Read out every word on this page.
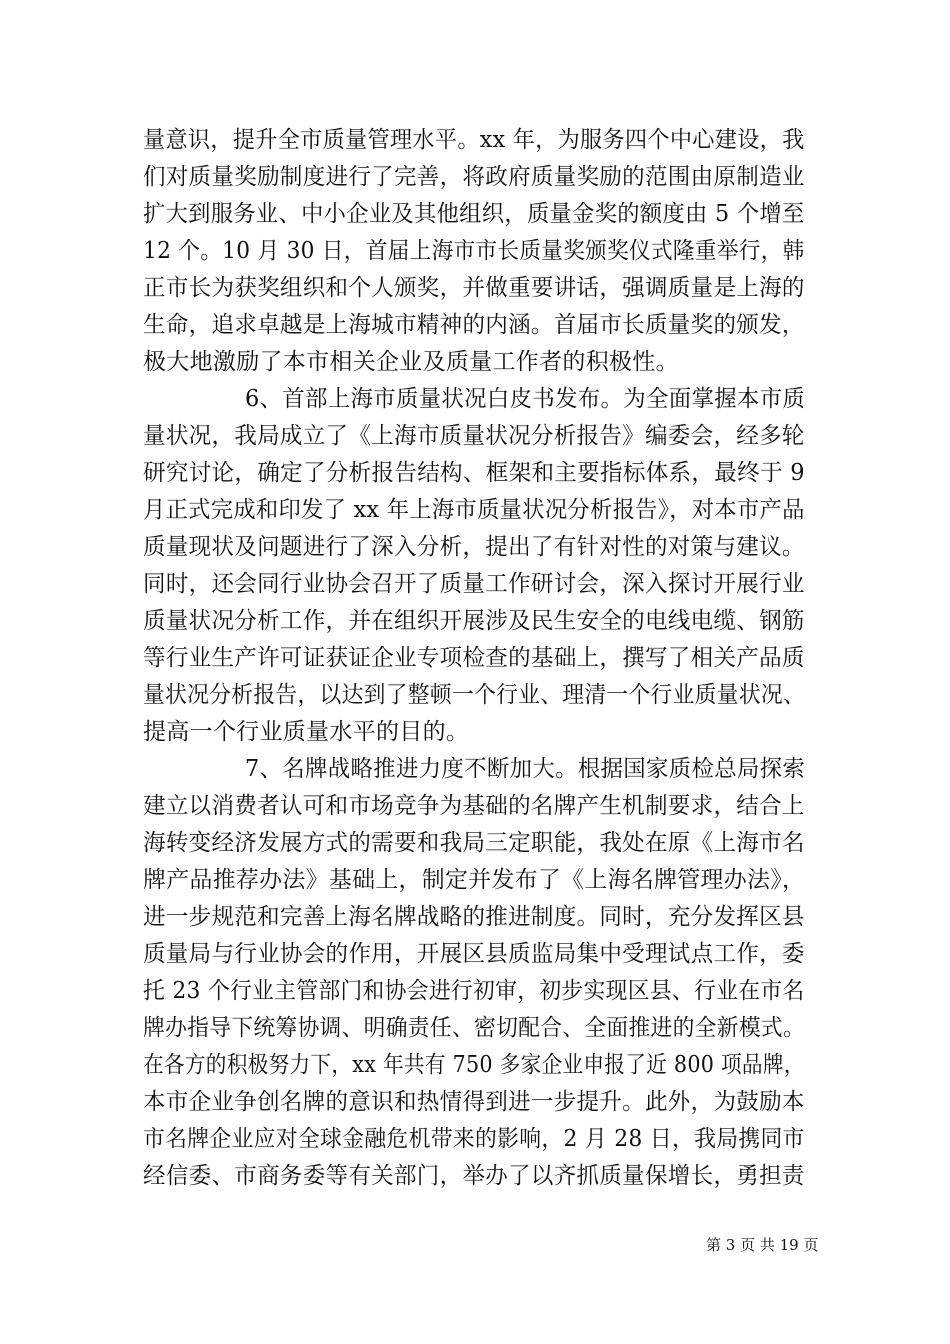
量意识，提升全市质量管理水平。xx 年，为服务四个中心建设，我
们对质量奖励制度进行了完善，将政府质量奖励的范围由原制造业
扩大到服务业、中小企业及其他组织，质量金奖的额度由 5 个增至
12 个。10 月 30 日，首届上海市市长质量奖颁奖仪式隆重举行，韩
正市长为获奖组织和个人颁奖，并做重要讲话，强调质量是上海的
生命，追求卓越是上海城市精神的内涵。首届市长质量奖的颁发，
极大地激励了本市相关企业及质量工作者的积极性。
6、首部上海市质量状况白皮书发布。为全面掌握本市质
量状况，我局成立了《上海市质量状况分析报告》编委会，经多轮
研究讨论，确定了分析报告结构、框架和主要指标体系，最终于 9
月正式完成和印发了 xx 年上海市质量状况分析报告》，对本市产品
质量现状及问题进行了深入分析，提出了有针对性的对策与建议。
同时，还会同行业协会召开了质量工作研讨会，深入探讨开展行业
质量状况分析工作，并在组织开展涉及民生安全的电线电缆、钢筋
等行业生产许可证获证企业专项检查的基础上，撰写了相关产品质
量状况分析报告，以达到了整顿一个行业、理清一个行业质量状况、
提高一个行业质量水平的目的。
7、名牌战略推进力度不断加大。根据国家质检总局探索
建立以消费者认可和市场竞争为基础的名牌产生机制要求，结合上
海转变经济发展方式的需要和我局三定职能，我处在原《上海市名
牌产品推荐办法》基础上，制定并发布了《上海名牌管理办法》，
进一步规范和完善上海名牌战略的推进制度。同时，充分发挥区县
质量局与行业协会的作用，开展区县质监局集中受理试点工作，委
托 23 个行业主管部门和协会进行初审，初步实现区县、行业在市名
牌办指导下统筹协调、明确责任、密切配合、全面推进的全新模式。
在各方的积极努力下，xx 年共有 750 多家企业申报了近 800 项品牌，
本市企业争创名牌的意识和热情得到进一步提升。此外，为鼓励本
市名牌企业应对全球金融危机带来的影响，2 月 28 日，我局携同市
经信委、市商务委等有关部门，举办了以齐抓质量保增长，勇担责
第 3 页 共 19 页
